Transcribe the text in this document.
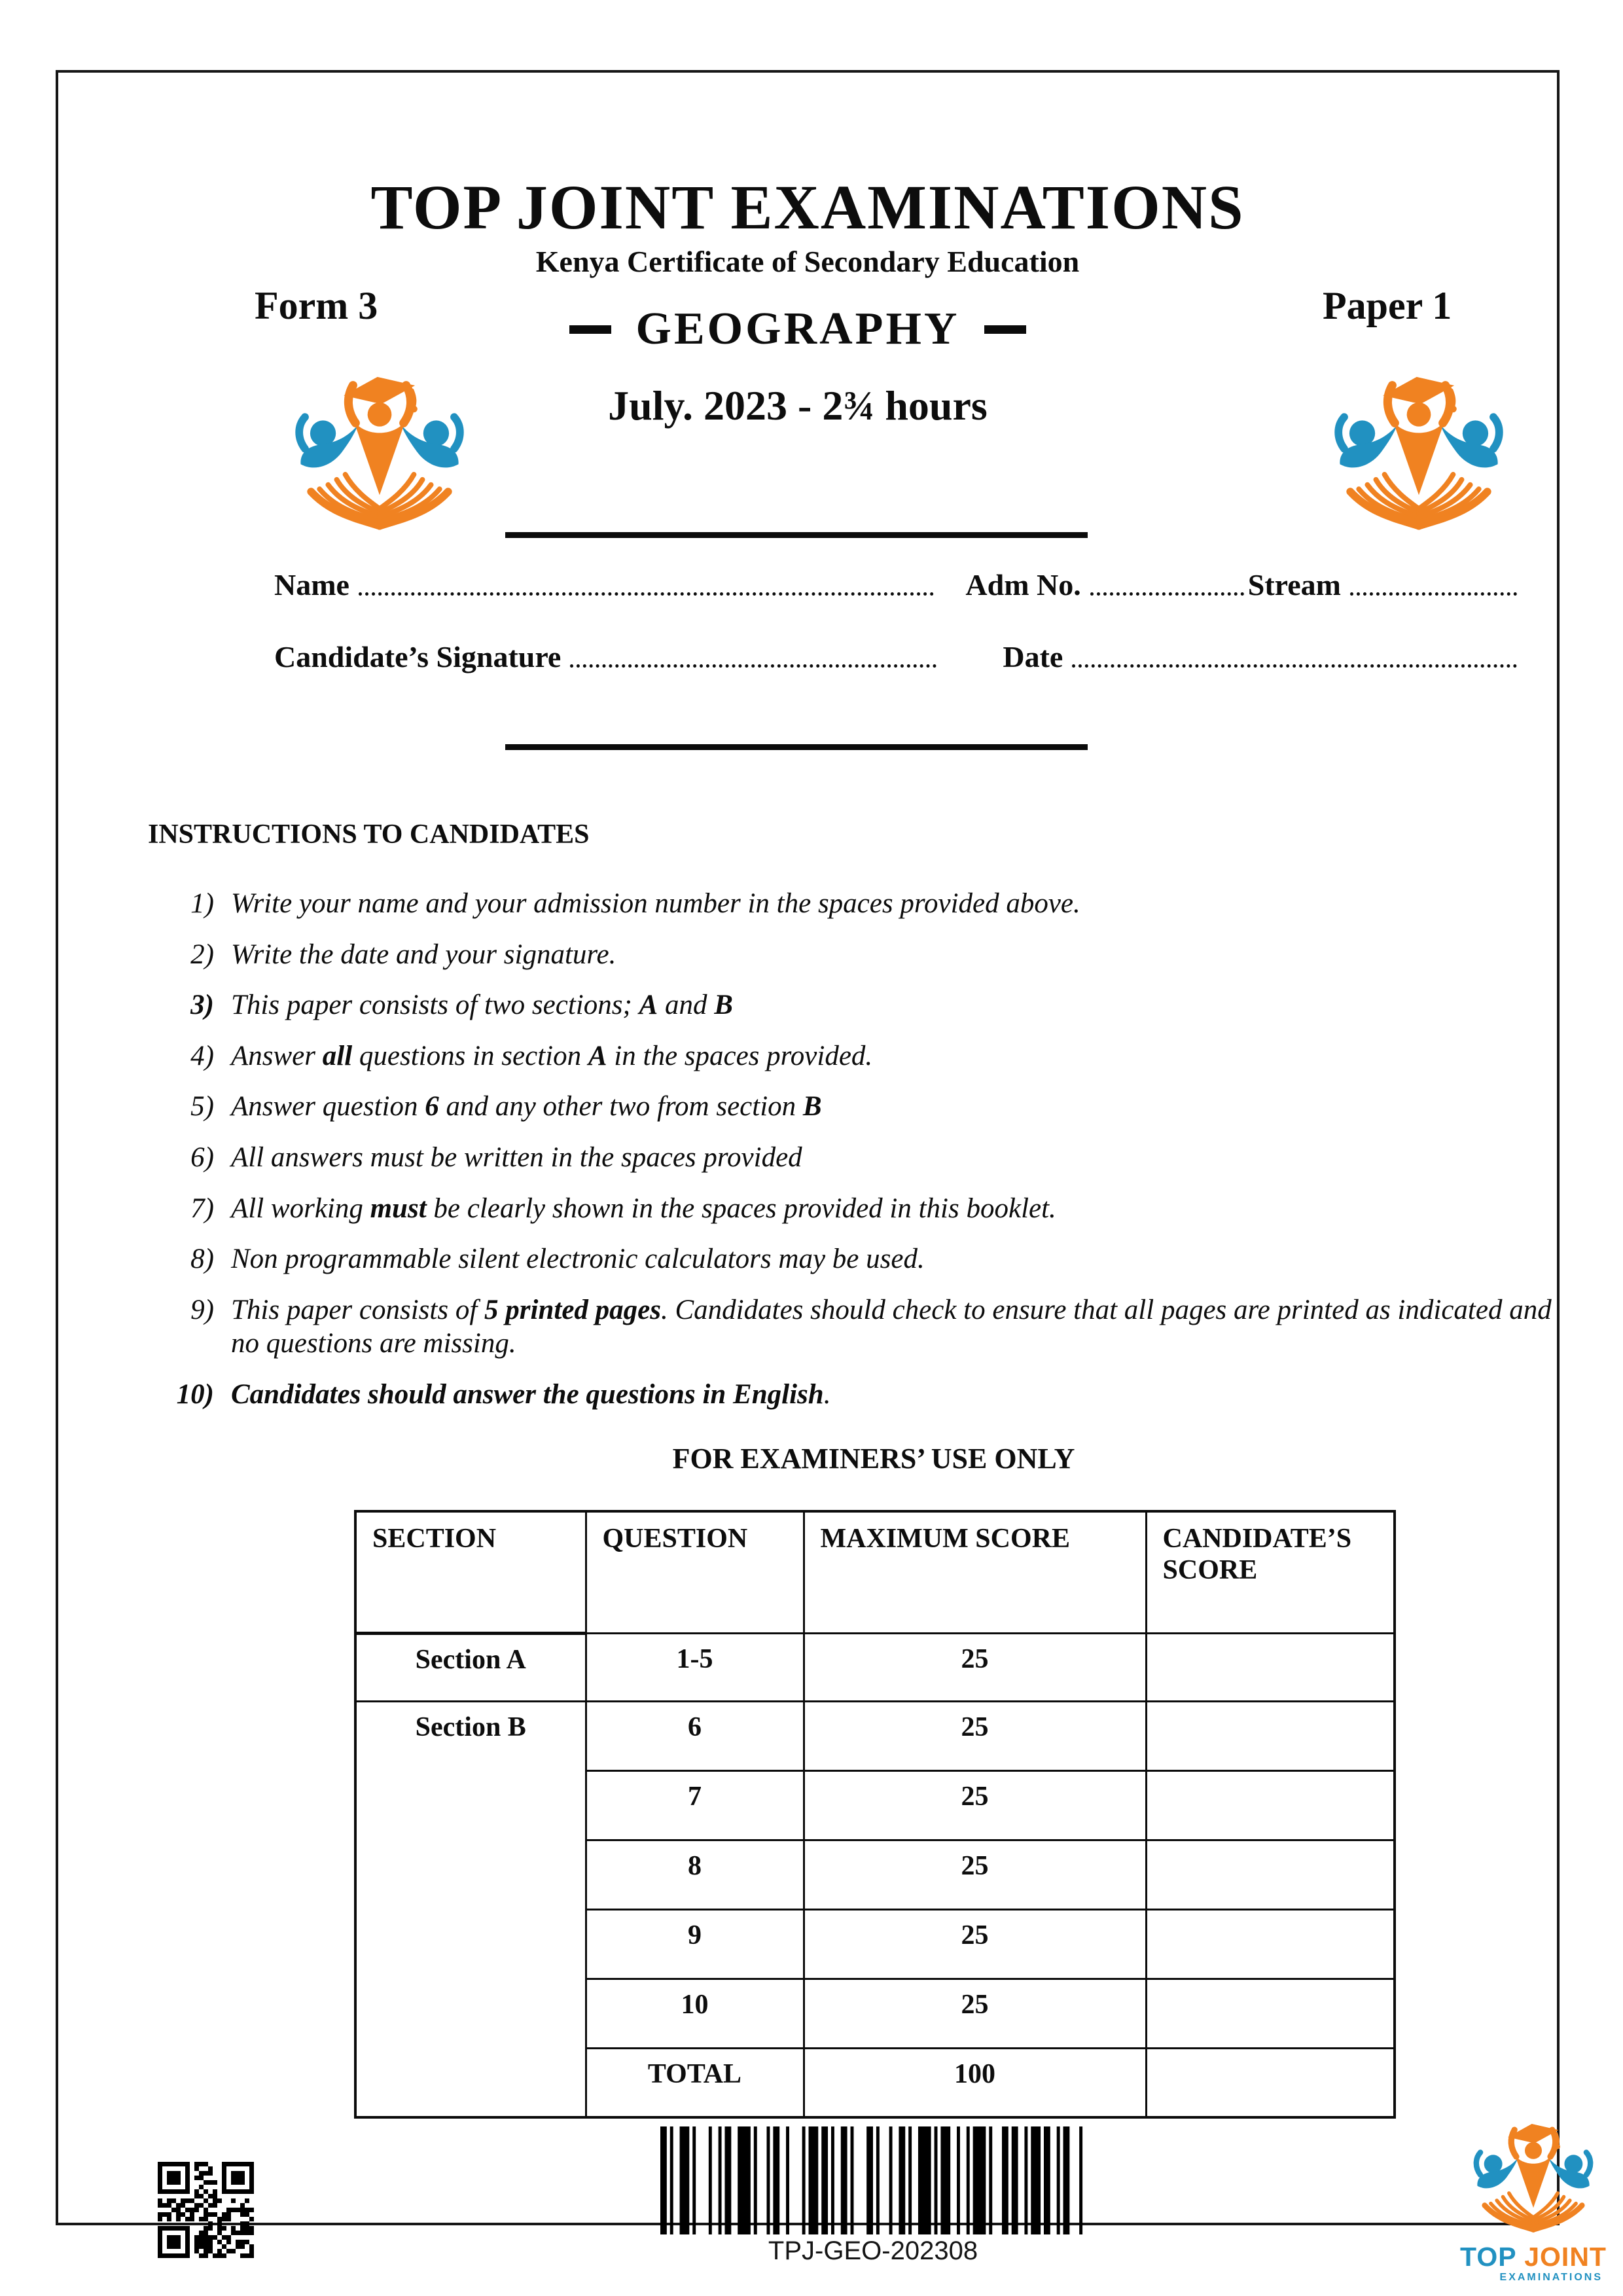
TOP JOINT EXAMINATIONS
Kenya Certificate of Secondary Education
Form 3	Paper 1
GEOGRAPHY
July. 2023 - 2¾ hours
Name	Adm No.	Stream
Candidate’s Signature	Date
INSTRUCTIONS TO CANDIDATES
1) Write your name and your admission number in the spaces provided above.
2) Write the date and your signature.
3) This paper consists of two sections; A and B
4) Answer all questions in section A in the spaces provided.
5) Answer question 6 and any other two from section B
6) All answers must be written in the spaces provided
7) All working must be clearly shown in the spaces provided in this booklet.
8) Non programmable silent electronic calculators may be used.
9) This paper consists of 5 printed pages. Candidates should check to ensure that all pages are printed as indicated and no questions are missing.
10) Candidates should answer the questions in English.
FOR EXAMINERS’ USE ONLY
SECTION	QUESTION	MAXIMUM SCORE	CANDIDATE’S SCORE
Section A	1-5	25	
Section B	6	25	
	7	25	
	8	25	
	9	25	
	10	25	
	TOTAL	100	
TPJ-GEO-202308	TOP JOINT
EXAMINATIONS
